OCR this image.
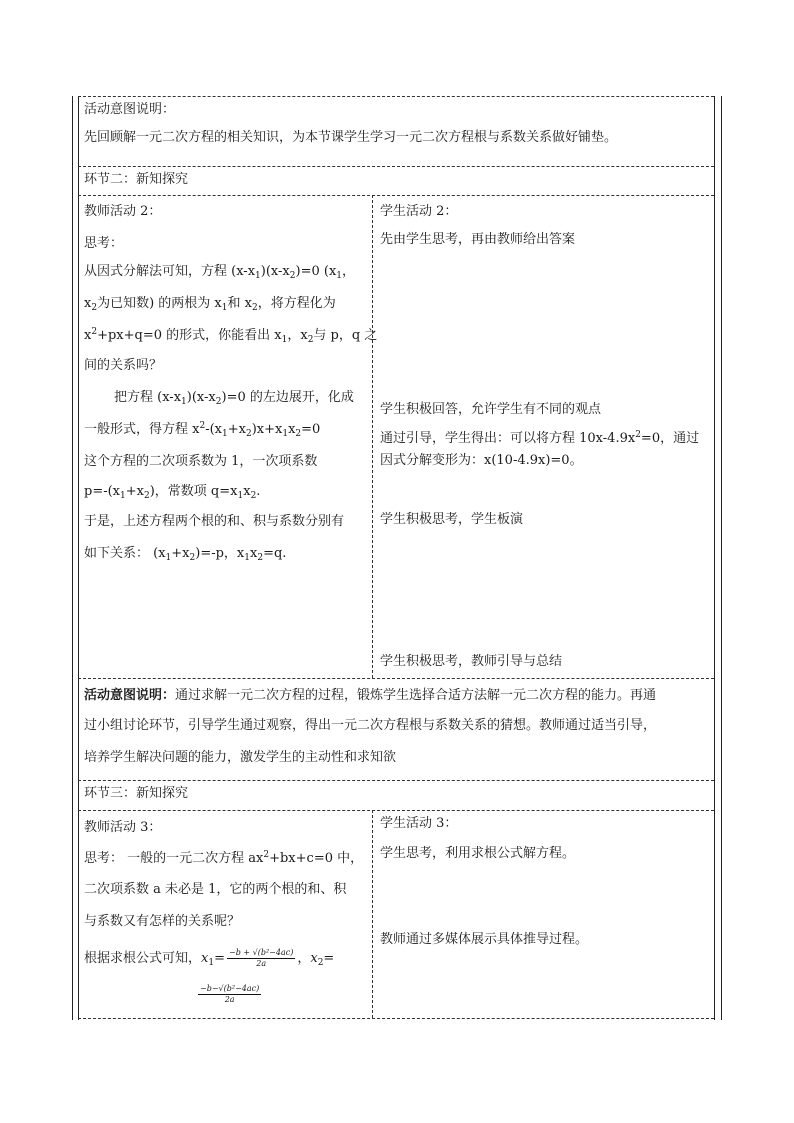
活动意图说明：
先回顾解一元二次方程的相关知识，为本节课学生学习一元二次方程根与系数关系做好铺垫。
环节二：新知探究
教师活动 2：
思考：
从因式分解法可知，方程 $(x-x_1)(x-x_2)=0$ ($x_1$，
$x_2$为已知数) 的两根为 $x_1$和 $x_2$，将方程化为
$x^2+px+q=0$ 的形式，你能看出 $x_1$，$x_2$与 p，q 之
间的关系吗？
把方程 $(x-x_1)(x-x_2)=0$ 的左边展开，化成
一般形式，得方程 $x^2-(x_1+x_2)x+x_1x_2=0$
这个方程的二次项系数为 1，一次项系数
$p=-(x_1+x_2)$，常数项 $q=x_1x_2$.
于是，上述方程两个根的和、积与系数分别有
如下关系： $(x_1+x_2)=-p$，$x_1x_2=q$.
学生活动 2：
先由学生思考，再由教师给出答案
学生积极回答，允许学生有不同的观点
通过引导，学生得出：可以将方程 $10x-4.9x^2=0$，通过
因式分解变形为：x(10-4.9x)=0。
学生积极思考，学生板演
学生积极思考，教师引导与总结
活动意图说明：通过求解一元二次方程的过程，锻炼学生选择合适方法解一元二次方程的能力。再通
过小组讨论环节，引导学生通过观察，得出一元二次方程根与系数关系的猜想。教师通过适当引导，
培养学生解决问题的能力，激发学生的主动性和求知欲
环节三：新知探究
教师活动 3：
思考： 一般的一元二次方程 $ax^2+bx+c=0$ 中，
二次项系数 a 未必是 1，它的两个根的和、积
与系数又有怎样的关系呢？
根据求根公式可知，$x_1= \frac{\text{−b + √(b²−4ac)}}{2a}$ ，$x_2=$
$\frac{\text{−b−√(b²−4ac)}}{2a}$
学生活动 3：
学生思考，利用求根公式解方程。
教师通过多媒体展示具体推导过程。
